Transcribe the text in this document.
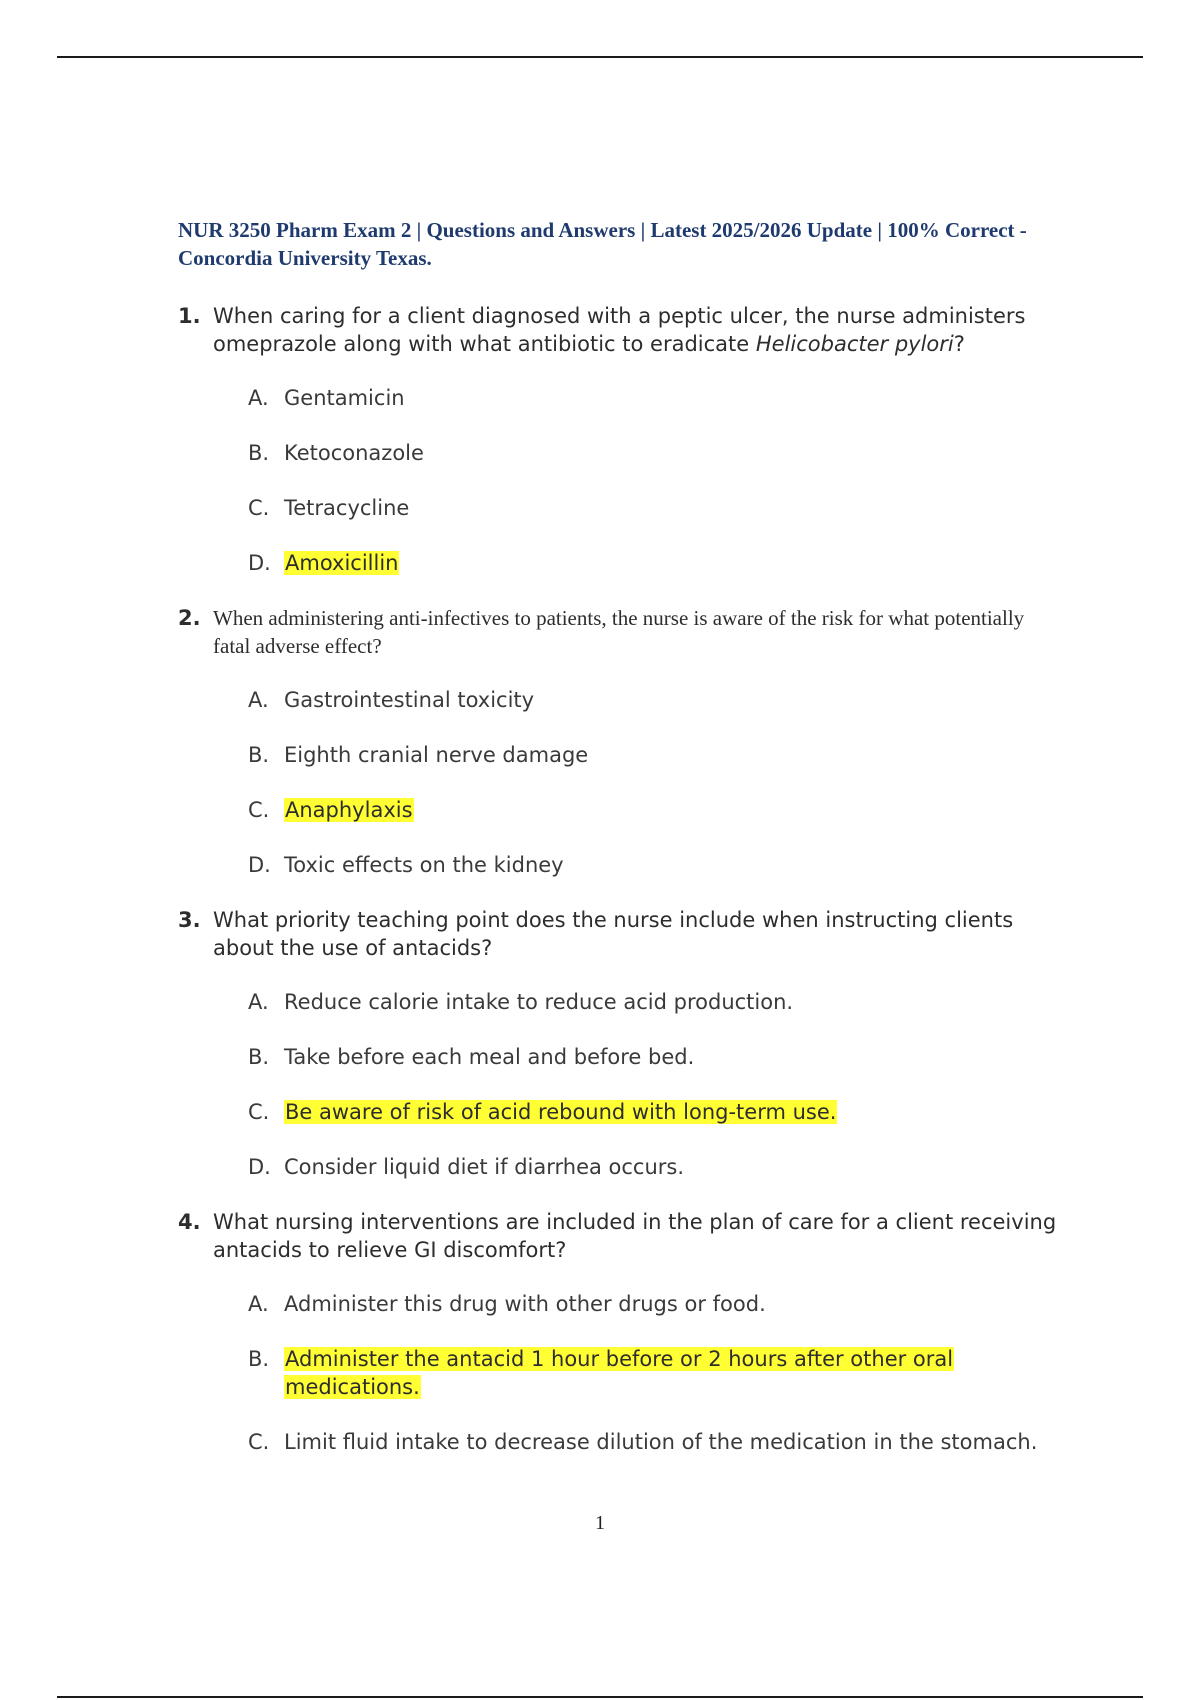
NUR 3250 Pharm Exam 2 | Questions and Answers | Latest 2025/2026 Update | 100% Correct - Concordia University Texas.
1. When caring for a client diagnosed with a peptic ulcer, the nurse administers omeprazole along with what antibiotic to eradicate Helicobacter pylori?
A. Gentamicin
B. Ketoconazole
C. Tetracycline
D. Amoxicillin
2. When administering anti-infectives to patients, the nurse is aware of the risk for what potentially fatal adverse effect?
A. Gastrointestinal toxicity
B. Eighth cranial nerve damage
C. Anaphylaxis
D. Toxic effects on the kidney
3. What priority teaching point does the nurse include when instructing clients about the use of antacids?
A. Reduce calorie intake to reduce acid production.
B. Take before each meal and before bed.
C. Be aware of risk of acid rebound with long-term use.
D. Consider liquid diet if diarrhea occurs.
4. What nursing interventions are included in the plan of care for a client receiving antacids to relieve GI discomfort?
A. Administer this drug with other drugs or food.
B. Administer the antacid 1 hour before or 2 hours after other oral medications.
C. Limit fluid intake to decrease dilution of the medication in the stomach.
1
